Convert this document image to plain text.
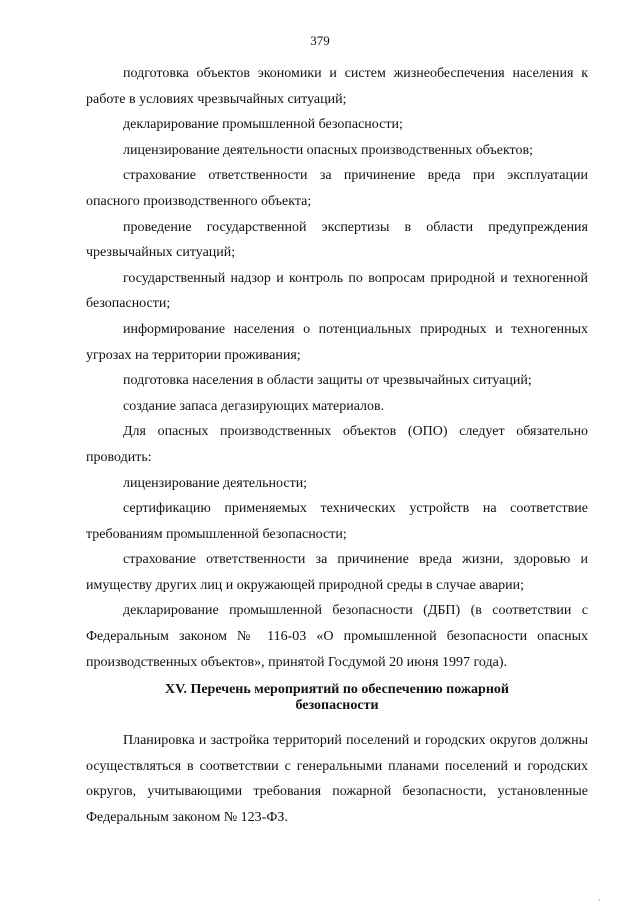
379

подготовка объектов экономики и систем жизнеобеспечения населения к работе в условиях чрезвычайных ситуаций;

декларирование промышленной безопасности;

лицензирование деятельности опасных производственных объектов;

страхование ответственности за причинение вреда при эксплуатации опасного производственного объекта;

проведение государственной экспертизы в области предупреждения чрезвычайных ситуаций;

государственный надзор и контроль по вопросам природной и техногенной безопасности;

информирование населения о потенциальных природных и техногенных угрозах на территории проживания;

подготовка населения в области защиты от чрезвычайных ситуаций;

создание запаса дегазирующих материалов.

Для опасных производственных объектов (ОПО) следует обязательно проводить:

лицензирование деятельности;

сертификацию применяемых технических устройств на соответствие требованиям промышленной безопасности;

страхование ответственности за причинение вреда жизни, здоровью и имуществу других лиц и окружающей природной среды в случае аварии;

декларирование промышленной безопасности (ДБП) (в соответствии с Федеральным законом № 116-03 «О промышленной безопасности опасных производственных объектов», принятой Госдумой 20 июня 1997 года).

XV. Перечень мероприятий по обеспечению пожарной
безопасности

Планировка и застройка территорий поселений и городских округов должны осуществляться в соответствии с генеральными планами поселений и городских округов, учитывающими требования пожарной безопасности, установленные Федеральным законом № 123-ФЗ.

·
